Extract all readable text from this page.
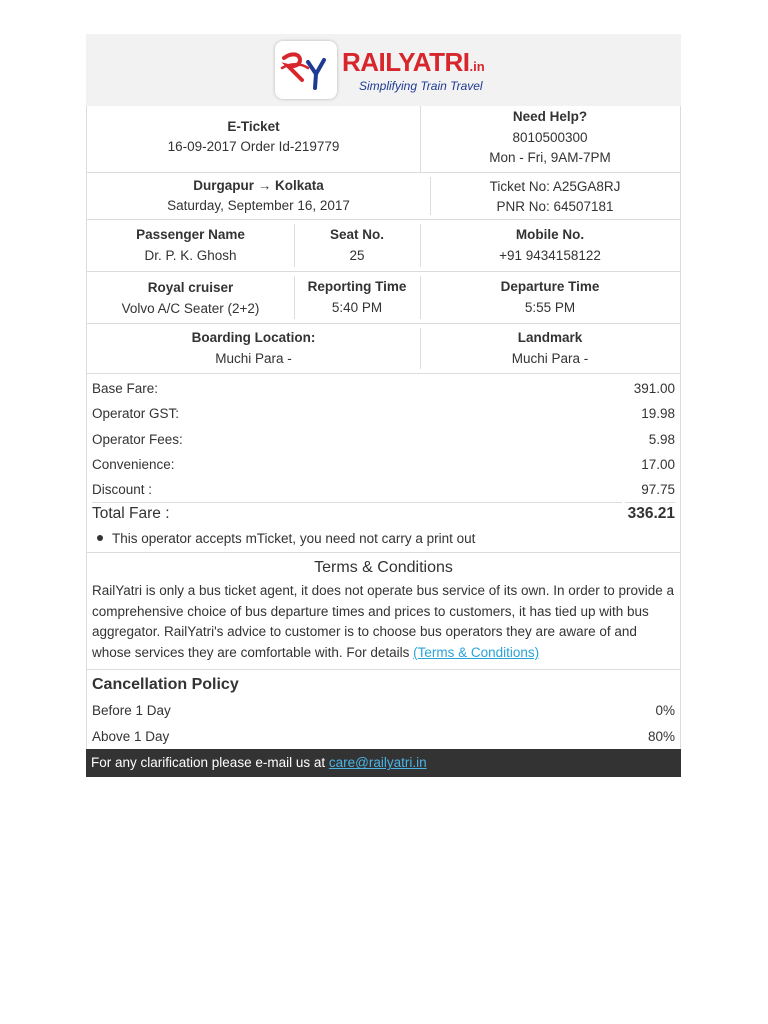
RAILYATRI.in
Simplifying Train Travel
E-Ticket
16-09-2017 Order Id-219779
Need Help?
8010500300
Mon - Fri, 9AM-7PM
Durgapur → Kolkata
Saturday, September 16, 2017
Ticket No: A25GA8RJ
PNR No: 64507181
Passenger Name
Dr. P. K. Ghosh
Seat No.
25
Mobile No.
+91 9434158122
Royal cruiser
Volvo A/C Seater (2+2)
Reporting Time
5:40 PM
Departure Time
5:55 PM
Boarding Location:
Muchi Para -
Landmark
Muchi Para -
Base Fare:	391.00
Operator GST:	19.98
Operator Fees:	5.98
Convenience:	17.00
Discount :	97.75
Total Fare :	336.21
This operator accepts mTicket, you need not carry a print out
Terms & Conditions
RailYatri is only a bus ticket agent, it does not operate bus service of its own. In order to provide a comprehensive choice of bus departure times and prices to customers, it has tied up with bus aggregator. RailYatri's advice to customer is to choose bus operators they are aware of and whose services they are comfortable with. For details (Terms & Conditions)
Cancellation Policy
Before 1 Day	0%
Above 1 Day	80%
For any clarification please e-mail us at care@railyatri.in
